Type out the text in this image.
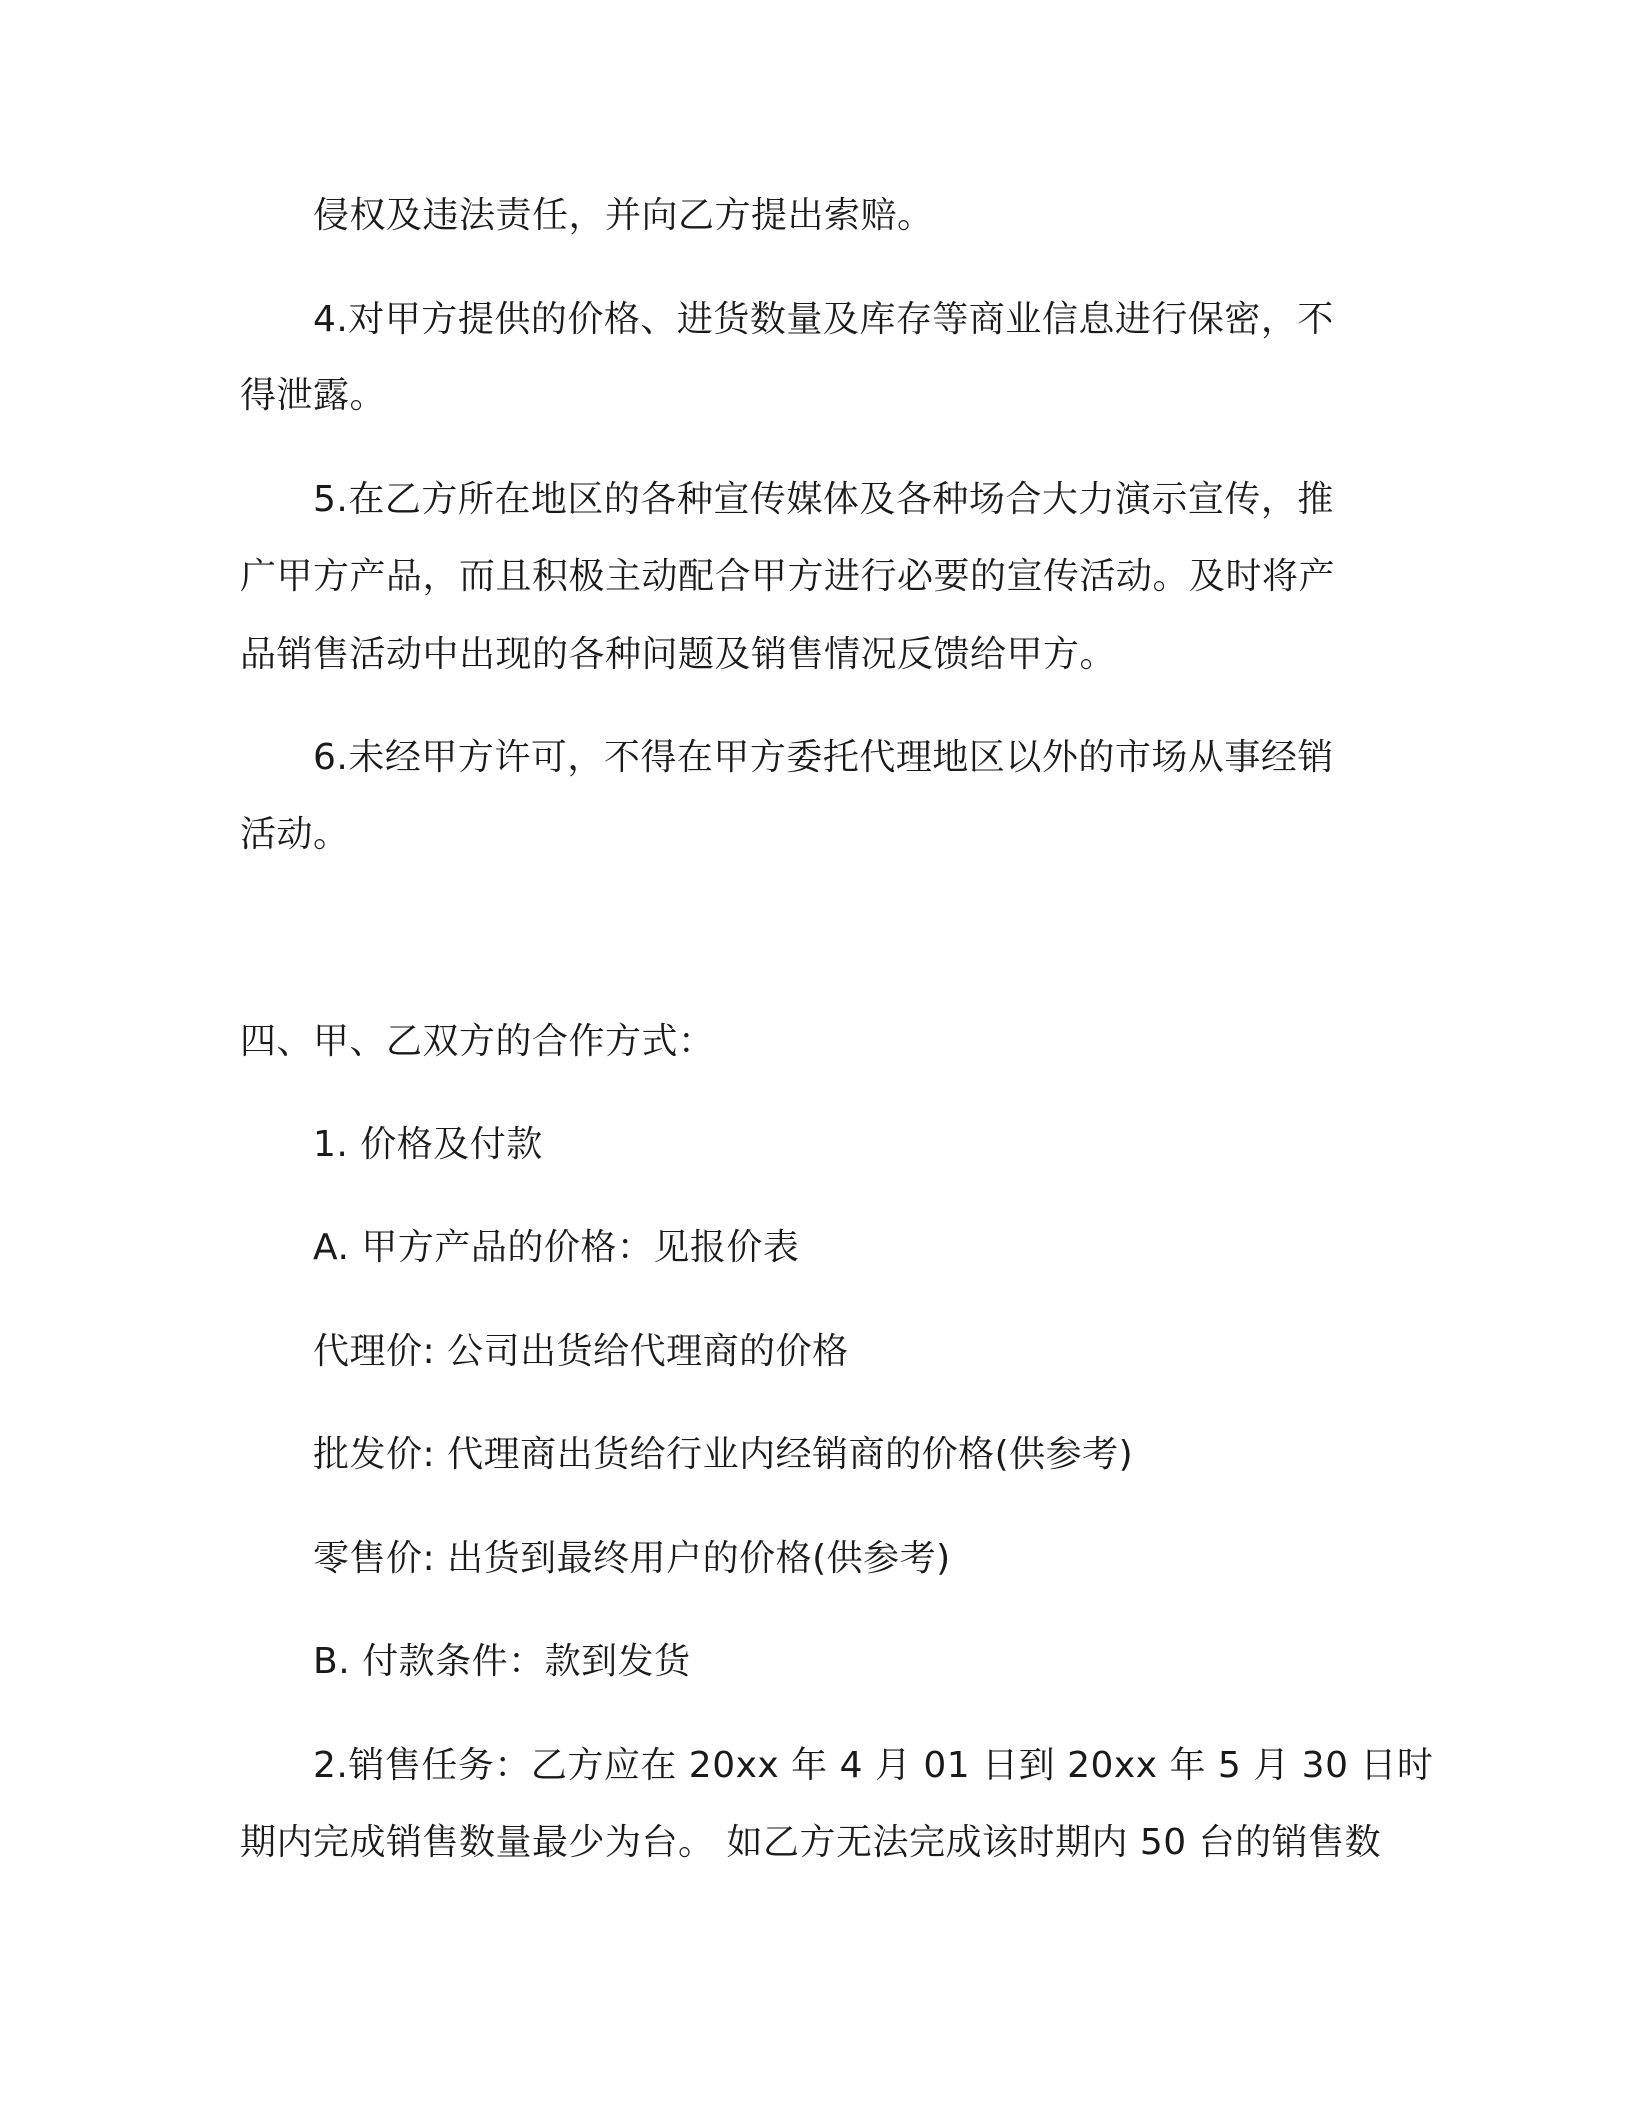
侵权及违法责任，并向乙方提出索赔。
4.对甲方提供的价格、进货数量及库存等商业信息进行保密，不
得泄露。
5.在乙方所在地区的各种宣传媒体及各种场合大力演示宣传，推
广甲方产品，而且积极主动配合甲方进行必要的宣传活动。及时将产
品销售活动中出现的各种问题及销售情况反馈给甲方。
6.未经甲方许可，不得在甲方委托代理地区以外的市场从事经销
活动。
四、甲、乙双方的合作方式：
1. 价格及付款
A. 甲方产品的价格：见报价表
代理价: 公司出货给代理商的价格
批发价: 代理商出货给行业内经销商的价格(供参考)
零售价: 出货到最终用户的价格(供参考)
B. 付款条件：款到发货
2.销售任务：乙方应在 20xx 年 4 月 01 日到 20xx 年 5 月 30 日时
期内完成销售数量最少为台。 如乙方无法完成该时期内 50 台的销售数
